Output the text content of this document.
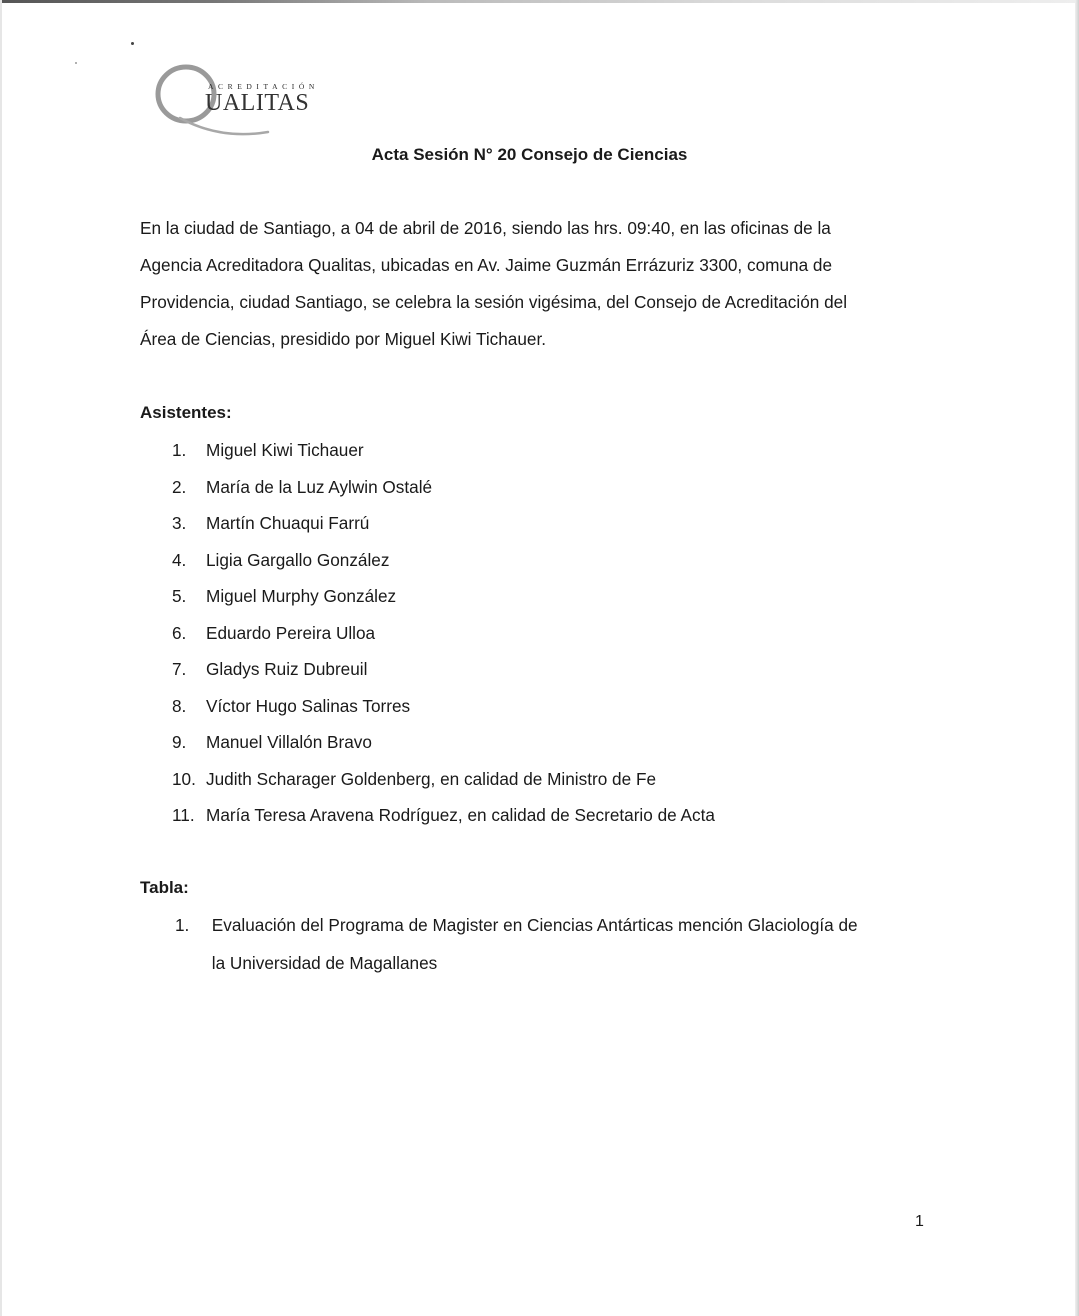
ACREDITACIÓN
UALITAS
Acta Sesión N° 20 Consejo de Ciencias

En la ciudad de Santiago, a 04 de abril de 2016, siendo las hrs. 09:40, en las oficinas de la
Agencia Acreditadora Qualitas, ubicadas en Av. Jaime Guzmán Errázuriz 3300, comuna de
Providencia, ciudad Santiago, se celebra la sesión vigésima, del Consejo de Acreditación del
Área de Ciencias, presidido por Miguel Kiwi Tichauer.

Asistentes:
1. Miguel Kiwi Tichauer
2. María de la Luz Aylwin Ostalé
3. Martín Chuaqui Farrú
4. Ligia Gargallo González
5. Miguel Murphy González
6. Eduardo Pereira Ulloa
7. Gladys Ruiz Dubreuil
8. Víctor Hugo Salinas Torres
9. Manuel Villalón Bravo
10. Judith Scharager Goldenberg, en calidad de Ministro de Fe
11. María Teresa Aravena Rodríguez, en calidad de Secretario de Acta
Tabla:
1. Evaluación del Programa de Magister en Ciencias Antárticas mención Glaciología de
la Universidad de Magallanes
1
